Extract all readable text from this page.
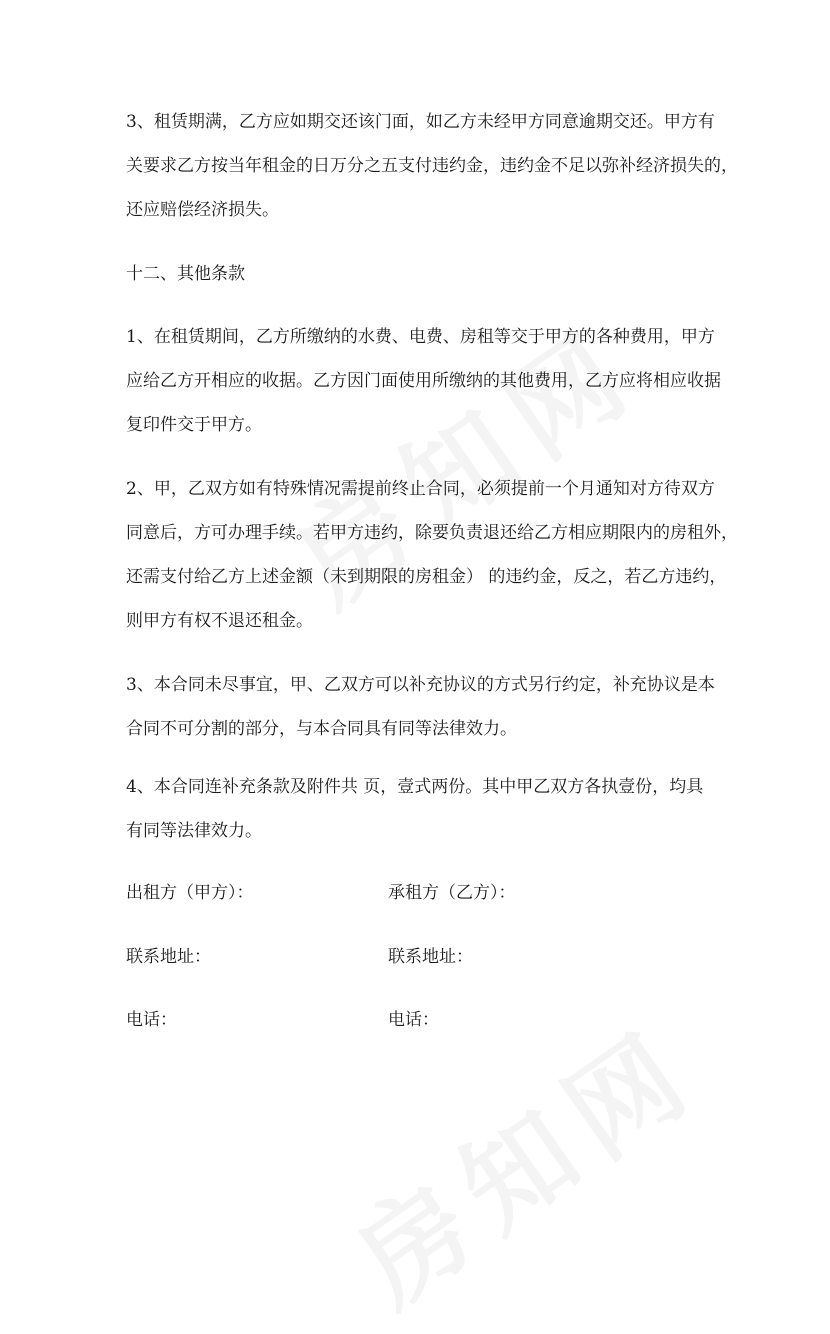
3、租赁期满，乙方应如期交还该门面，如乙方未经甲方同意逾期交还。甲方有
关要求乙方按当年租金的日万分之五支付违约金，违约金不足以弥补经济损失的，
还应赔偿经济损失。

十二、其他条款

1、在租赁期间，乙方所缴纳的水费、电费、房租等交于甲方的各种费用，甲方
应给乙方开相应的收据。乙方因门面使用所缴纳的其他费用，乙方应将相应收据
复印件交于甲方。

2、甲，乙双方如有特殊情况需提前终止合同，必须提前一个月通知对方待双方
同意后，方可办理手续。若甲方违约，除要负责退还给乙方相应期限内的房租外，
还需支付给乙方上述金额（未到期限的房租金） 的违约金，反之，若乙方违约，
则甲方有权不退还租金。

3、本合同未尽事宜，甲、乙双方可以补充协议的方式另行约定，补充协议是本
合同不可分割的部分，与本合同具有同等法律效力。

4、本合同连补充条款及附件共 页，壹式两份。其中甲乙双方各执壹份，均具
有同等法律效力。

出租方（甲方）：	承租方（乙方）：
联系地址：	联系地址：
电话：	电话：
